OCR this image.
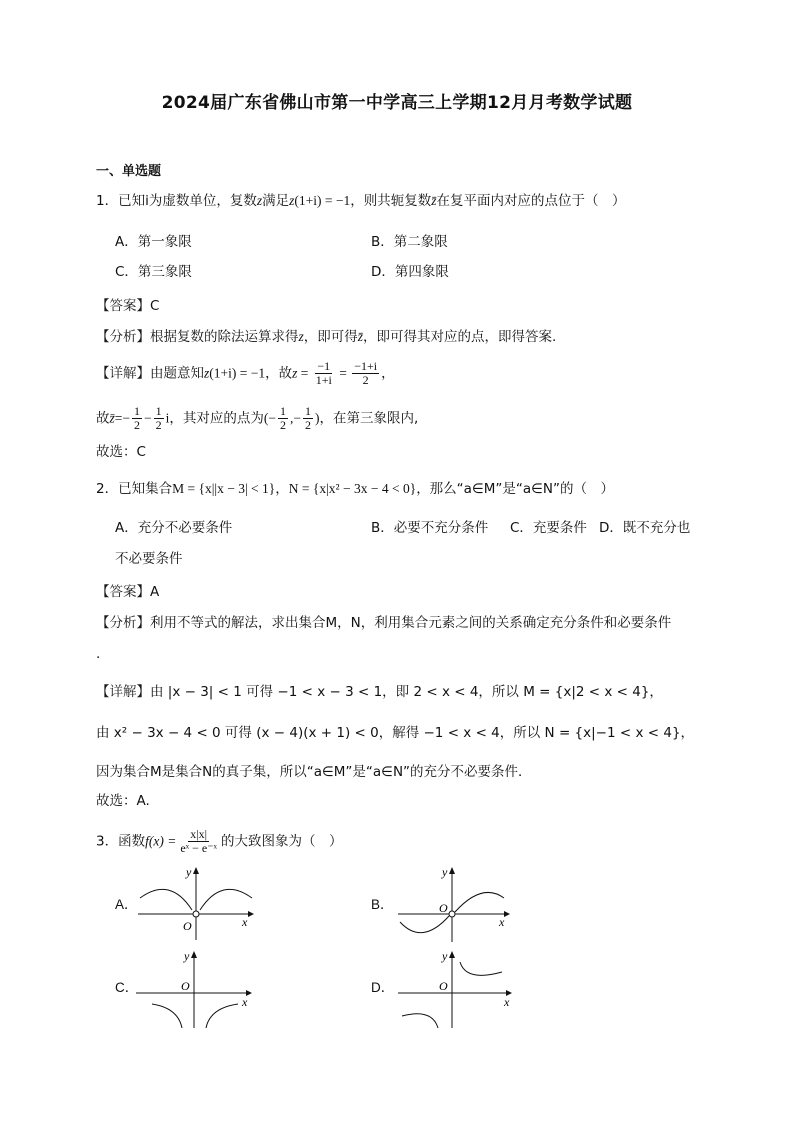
2024届广东省佛山市第一中学高三上学期12月月考数学试题
一、单选题
1．已知i为虚数单位，复数z满足z(1+i) = −1，则共轭复数z̄在复平面内对应的点位于（　）
A．第一象限	B．第二象限
C．第三象限	D．第四象限
【答案】C
【分析】根据复数的除法运算求得z，即可得z̄，即可得其对应的点，即得答案.
【详解】由题意知z(1+i) = −1，故$z = \frac{-1}{1+i} = \frac{-1+i}{2}$ ，
故z̄=− $\frac{1}{2} - \frac{1}{2}$ i，其对应的点为(− $\frac{1}{2}$ ,− $\frac{1}{2}$ )，在第三象限内,
故选：C
2．已知集合M = {x||x − 3| < 1}，N = {x|x² − 3x − 4 < 0}，那么“a∈M”是“a∈N”的（　）
A．充分不必要条件	B．必要不充分条件 C．充要条件 D．既不充分也
不必要条件
【答案】A
【分析】利用不等式的解法，求出集合M，N，利用集合元素之间的关系确定充分条件和必要条件
.
【详解】由 |x − 3| < 1 可得 −1 < x − 3 < 1，即 2 < x < 4，所以 M = {x|2 < x < 4}，
由 x² − 3x − 4 < 0 可得 (x − 4)(x + 1) < 0，解得 −1 < x < 4，所以 N = {x|−1 < x < 4}，
因为集合M是集合N的真子集，所以“a∈M”是“a∈N”的充分不必要条件．
故选：A.
3．函数$f(x) = \frac{x|x|}{\text{eˣ − e⁻ˣ}}$ 的大致图象为（　）
A．	B．
C．	D．
x
y
O	x
y
O
x
y
O
x
y
O
